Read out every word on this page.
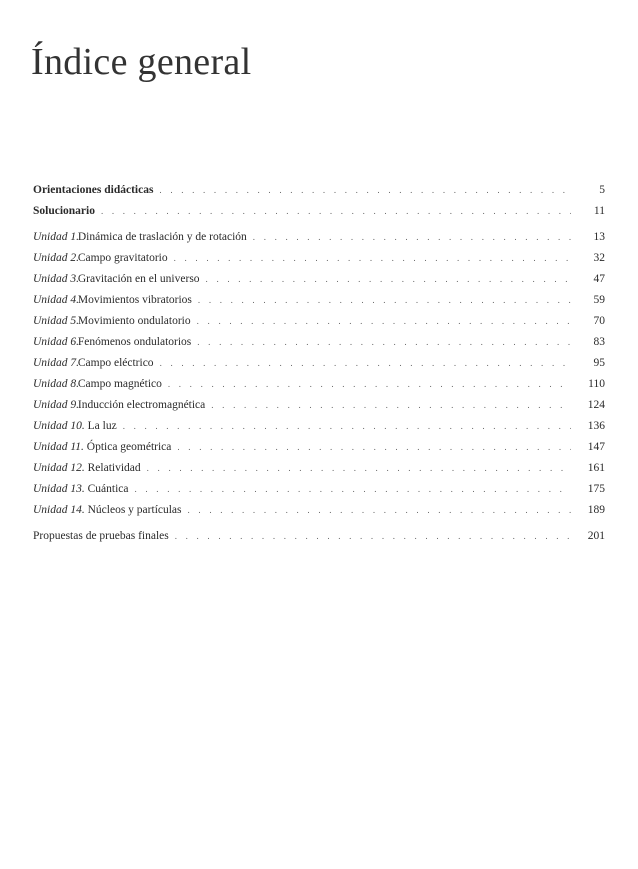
Índice general
Orientaciones didácticas . . .	5
Solucionario . . .	11
Unidad 1. Dinámica de traslación y de rotación . . .	13
Unidad 2. Campo gravitatorio . . .	32
Unidad 3. Gravitación en el universo . . .	47
Unidad 4. Movimientos vibratorios . . .	59
Unidad 5. Movimiento ondulatorio . . .	70
Unidad 6. Fenómenos ondulatorios . . .	83
Unidad 7. Campo eléctrico . . .	95
Unidad 8. Campo magnético . . .	110
Unidad 9. Inducción electromagnética . . .	124
Unidad 10. La luz . . .	136
Unidad 11. Óptica geométrica . . .	147
Unidad 12. Relatividad . . .	161
Unidad 13. Cuántica . . .	175
Unidad 14. Núcleos y partículas . . .	189
Propuestas de pruebas finales . . .	201
